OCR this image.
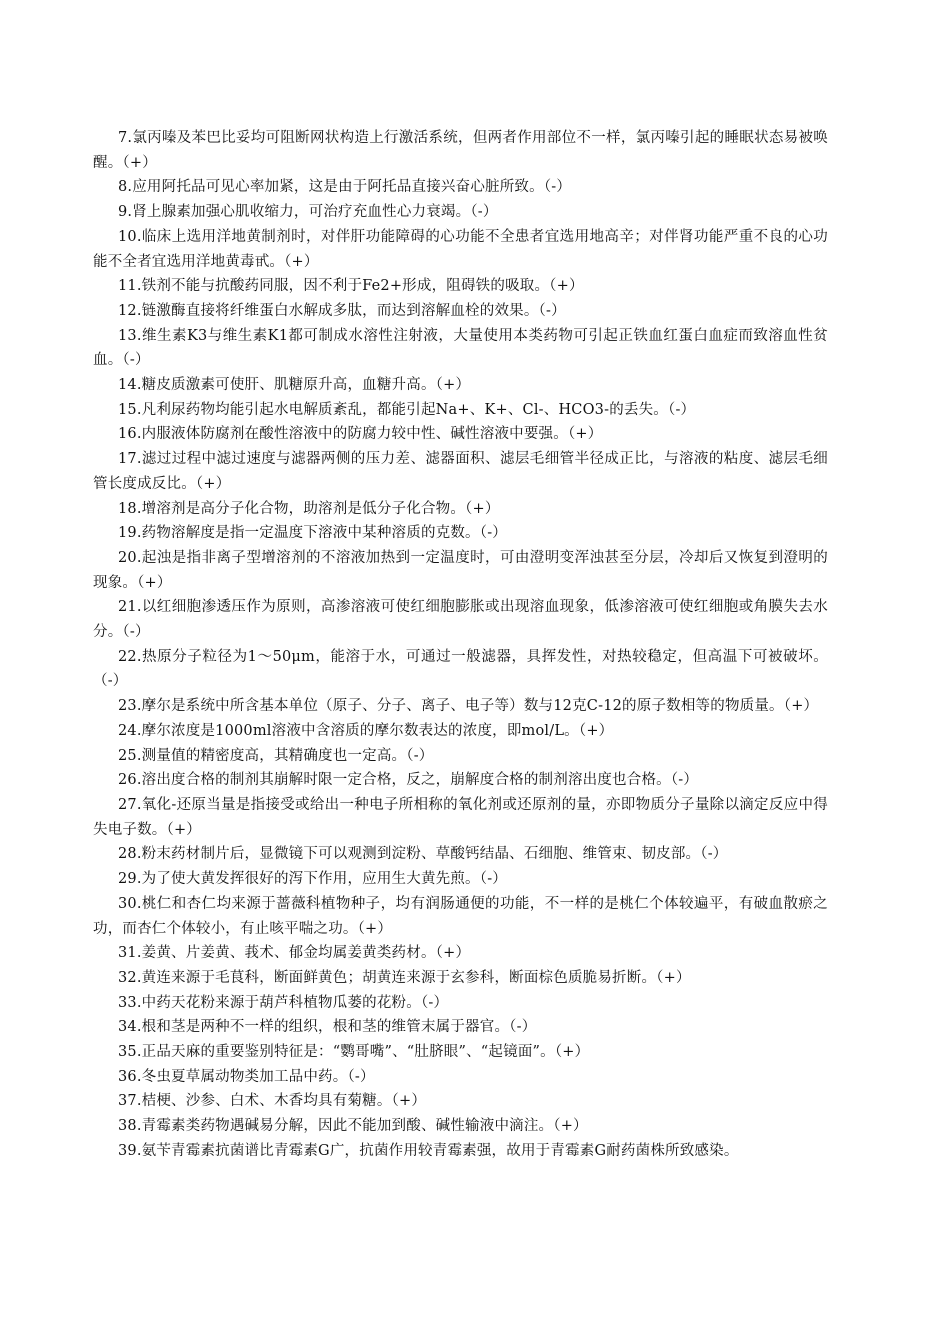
7.氯丙嗪及苯巴比妥均可阻断网状构造上行激活系统，但两者作用部位不一样，氯丙嗪引起的睡眠状态易被唤醒。（+）

8.应用阿托品可见心率加紧，这是由于阿托品直接兴奋心脏所致。（-）

9.肾上腺素加强心肌收缩力，可治疗充血性心力衰竭。（-）

10.临床上选用洋地黄制剂时，对伴肝功能障碍的心功能不全患者宜选用地高辛；对伴肾功能严重不良的心功能不全者宜选用洋地黄毒甙。（+）

11.铁剂不能与抗酸药同服，因不利于Fe2+形成，阻碍铁的吸取。（+）

12.链激酶直接将纤维蛋白水解成多肽，而达到溶解血栓的效果。（-）

13.维生素K3与维生素K1都可制成水溶性注射液，大量使用本类药物可引起正铁血红蛋白血症而致溶血性贫血。（-）

14.糖皮质激素可使肝、肌糖原升高，血糖升高。（+）

15.凡利尿药物均能引起水电解质紊乱，都能引起Na+、K+、Cl-、HCO3-的丢失。（-）

16.内服液体防腐剂在酸性溶液中的防腐力较中性、碱性溶液中要强。（+）

17.滤过过程中滤过速度与滤器两侧的压力差、滤器面积、滤层毛细管半径成正比，与溶液的粘度、滤层毛细管长度成反比。（+）

18.增溶剂是高分子化合物，助溶剂是低分子化合物。（+）

19.药物溶解度是指一定温度下溶液中某种溶质的克数。（-）

20.起浊是指非离子型增溶剂的不溶液加热到一定温度时，可由澄明变浑浊甚至分层，冷却后又恢复到澄明的现象。（+）

21.以红细胞渗透压作为原则，高渗溶液可使红细胞膨胀或出现溶血现象，低渗溶液可使红细胞或角膜失去水分。（-）

22.热原分子粒径为1～50μm，能溶于水，可通过一般滤器，具挥发性，对热较稳定，但高温下可被破坏。（-）

23.摩尔是系统中所含基本单位（原子、分子、离子、电子等）数与12克C-12的原子数相等的物质量。（+）

24.摩尔浓度是1000ml溶液中含溶质的摩尔数表达的浓度，即mol/L。（+）

25.测量值的精密度高，其精确度也一定高。（-）

26.溶出度合格的制剂其崩解时限一定合格，反之，崩解度合格的制剂溶出度也合格。（-）

27.氧化-还原当量是指接受或给出一种电子所相称的氧化剂或还原剂的量，亦即物质分子量除以滴定反应中得失电子数。（+）

28.粉末药材制片后，显微镜下可以观测到淀粉、草酸钙结晶、石细胞、维管束、韧皮部。（-）

29.为了使大黄发挥很好的泻下作用，应用生大黄先煎。（-）

30.桃仁和杏仁均来源于蔷薇科植物种子，均有润肠通便的功能，不一样的是桃仁个体较遍平，有破血散瘀之功，而杏仁个体较小，有止咳平喘之功。（+）

31.姜黄、片姜黄、莪术、郁金均属姜黄类药材。（+）

32.黄连来源于毛茛科，断面鲜黄色；胡黄连来源于玄参科，断面棕色质脆易折断。（+）

33.中药天花粉来源于葫芦科植物瓜蒌的花粉。（-）

34.根和茎是两种不一样的组织，根和茎的维管末属于器官。（-）

35.正品天麻的重要鉴别特征是：“鹦哥嘴”、“肚脐眼”、“起镜面”。（+）

36.冬虫夏草属动物类加工品中药。（-）

37.桔梗、沙参、白术、木香均具有菊糖。（+）

38.青霉素类药物遇碱易分解，因此不能加到酸、碱性输液中滴注。（+）

39.氨苄青霉素抗菌谱比青霉素G广，抗菌作用较青霉素强，故用于青霉素G耐药菌株所致感染。
